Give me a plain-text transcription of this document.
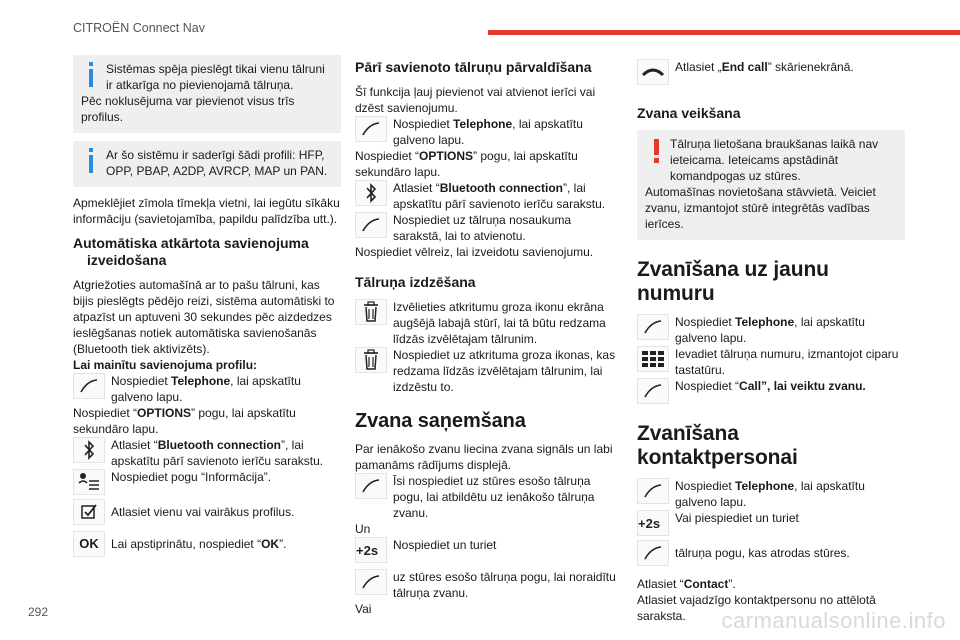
CITROËN Connect Nav
Sistēmas spēja pieslēgt tikai vienu tālruni ir atkarīga no pievienojamā tālruņa.
Pēc noklusējuma var pievienot visus trīs profilus.
Ar šo sistēmu ir saderīgi šādi profili: HFP, OPP, PBAP, A2DP, AVRCP, MAP un PAN.

Apmeklējiet zīmola tīmekļa vietni, lai iegūtu sīkāku informāciju (savietojamība, papildu palīdzība utt.).

Automātiska atkārtota savienojuma izveidošana

Atgriežoties automašīnā ar to pašu tālruni, kas bijis pieslēgts pēdējo reizi, sistēma automātiski to atpazīst un aptuveni 30 sekundes pēc aizdedzes ieslēgšanas notiek automātiska savienošanās (Bluetooth tiek aktivizēts).

Lai mainītu savienojuma profilu:

Nospiediet Telephone, lai apskatītu galveno lapu.

Nospiediet “OPTIONS” pogu, lai apskatītu sekundāro lapu.

Atlasiet “Bluetooth connection”, lai apskatītu pārī savienoto ierīču sarakstu.
Nospiediet pogu “Informācija”.
Atlasiet vienu vai vairākus profilus.
OK Lai apstiprinātu, nospiediet “OK”.
Pārī savienoto tālruņu pārvaldīšana

Šī funkcija ļauj pievienot vai atvienot ierīci vai dzēst savienojumu.

Nospiediet Telephone, lai apskatītu galveno lapu.

Nospiediet “OPTIONS” pogu, lai apskatītu sekundāro lapu.

Atlasiet “Bluetooth connection”, lai apskatītu pārī savienoto ierīču sarakstu.
Nospiediet uz tālruņa nosaukuma sarakstā, lai to atvienotu.

Nospiediet vēlreiz, lai izveidotu savienojumu.

Tālruņa izdzēšana
Izvēlieties atkritumu groza ikonu ekrāna augšējā labajā stūrī, lai tā būtu redzama līdzās izvēlētajam tālrunim.
Nospiediet uz atkrituma groza ikonas, kas redzama līdzās izvēlētajam tālrunim, lai izdzēstu to.
Zvana saņemšana

Par ienākošo zvanu liecina zvana signāls un labi pamanāms rādījums displejā.

Īsi nospiediet uz stūres esošo tālruņa pogu, lai atbildētu uz ienākošo tālruņa zvanu.

Un

+2s Nospiediet un turiet
uz stūres esošo tālruņa pogu, lai noraidītu tālruņa zvanu.

Vai

Atlasiet „End call” skārienekrānā.
Zvana veikšana
Tālruņa lietošana braukšanas laikā nav ieteicama. Ieteicams apstādināt komandpogas uz stūres.
Automašīnas novietošana stāvvietā. Veiciet zvanu, izmantojot stūrē integrētās vadības ierīces.
Zvanīšana uz jaunu numuru
Nospiediet Telephone, lai apskatītu galveno lapu.
Ievadiet tālruņa numuru, izmantojot ciparu tastatūru.
Nospiediet “Call”, lai veiktu zvanu.
Zvanīšana kontaktpersonai
Nospiediet Telephone, lai apskatītu galveno lapu.
+2s Vai piespiediet un turiet
tālruņa pogu, kas atrodas stūres.

Atlasiet “Contact”.

Atlasiet vajadzīgo kontaktpersonu no attēlotā saraksta.

292	carmanualsonline.info
